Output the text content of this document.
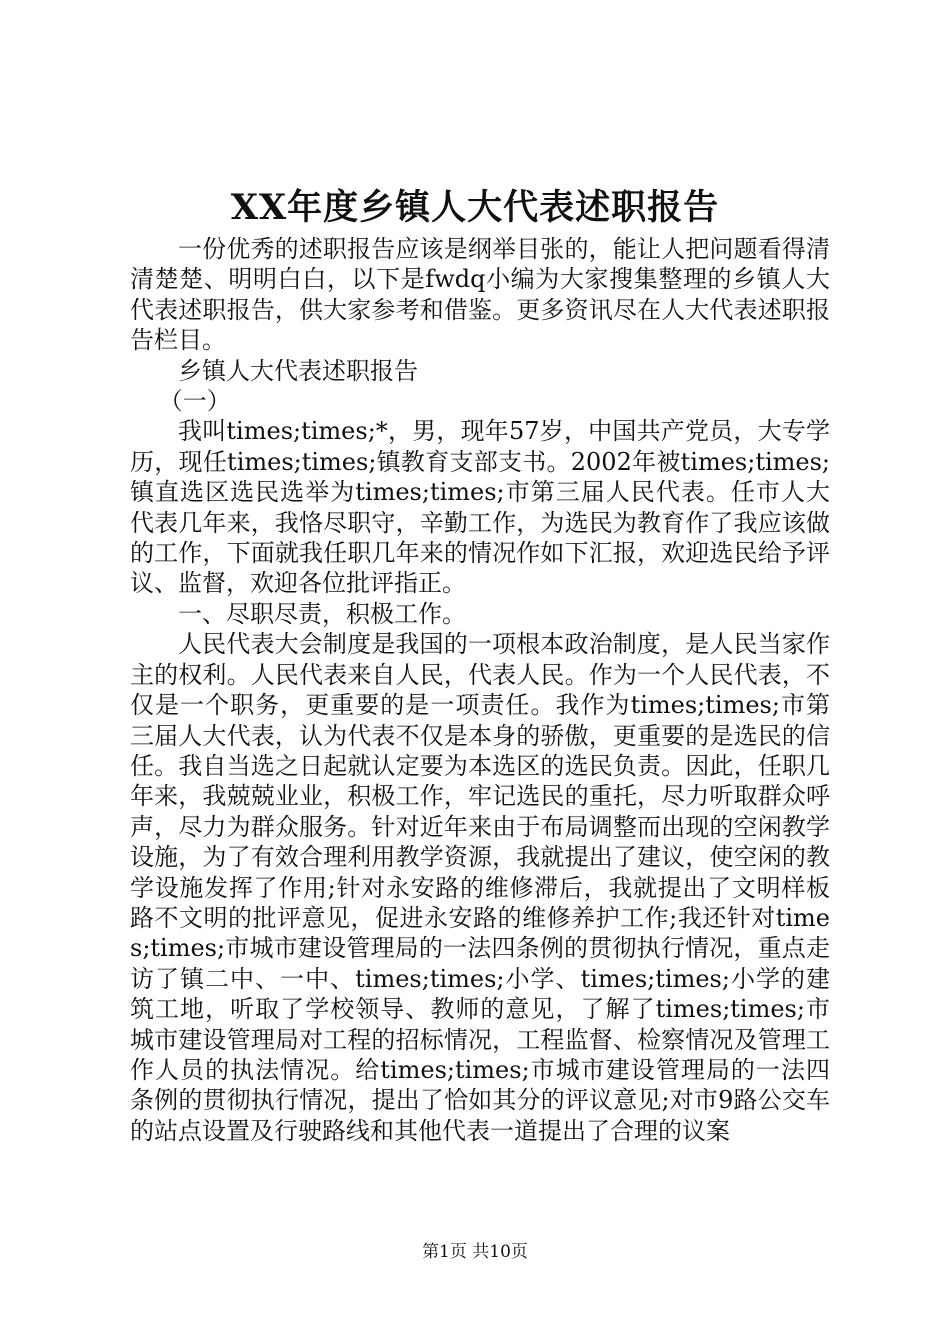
XX年度乡镇人大代表述职报告

一份优秀的述职报告应该是纲举目张的，能让人把问题看得清清楚楚、明明白白，以下是fwdq小编为大家搜集整理的乡镇人大代表述职报告，供大家参考和借鉴。更多资讯尽在人大代表述职报告栏目。

乡镇人大代表述职报告

（一）

我叫times;times;*，男，现年57岁，中国共产党员，大专学历，现任times;times;镇教育支部支书。2002年被times;times;镇直选区选民选举为times;times;市第三届人民代表。任市人大代表几年来，我恪尽职守，辛勤工作，为选民为教育作了我应该做的工作，下面就我任职几年来的情况作如下汇报，欢迎选民给予评议、监督，欢迎各位批评指正。

一、尽职尽责，积极工作。

人民代表大会制度是我国的一项根本政治制度，是人民当家作主的权利。人民代表来自人民，代表人民。作为一个人民代表，不仅是一个职务，更重要的是一项责任。我作为times;times;市第三届人大代表，认为代表不仅是本身的骄傲，更重要的是选民的信任。我自当选之日起就认定要为本选区的选民负责。因此，任职几年来，我兢兢业业，积极工作，牢记选民的重托，尽力听取群众呼声，尽力为群众服务。针对近年来由于布局调整而出现的空闲教学设施，为了有效合理利用教学资源，我就提出了建议，使空闲的教学设施发挥了作用;针对永安路的维修滞后，我就提出了文明样板路不文明的批评意见，促进永安路的维修养护工作;我还针对times;times;市城市建设管理局的一法四条例的贯彻执行情况，重点走访了镇二中、一中、times;times;小学、times;times;小学的建筑工地，听取了学校领导、教师的意见，了解了times;times;市城市建设管理局对工程的招标情况，工程监督、检察情况及管理工作人员的执法情况。给times;times;市城市建设管理局的一法四条例的贯彻执行情况，提出了恰如其分的评议意见;对市9路公交车的站点设置及行驶路线和其他代表一道提出了合理的议案

第1页 共10页
